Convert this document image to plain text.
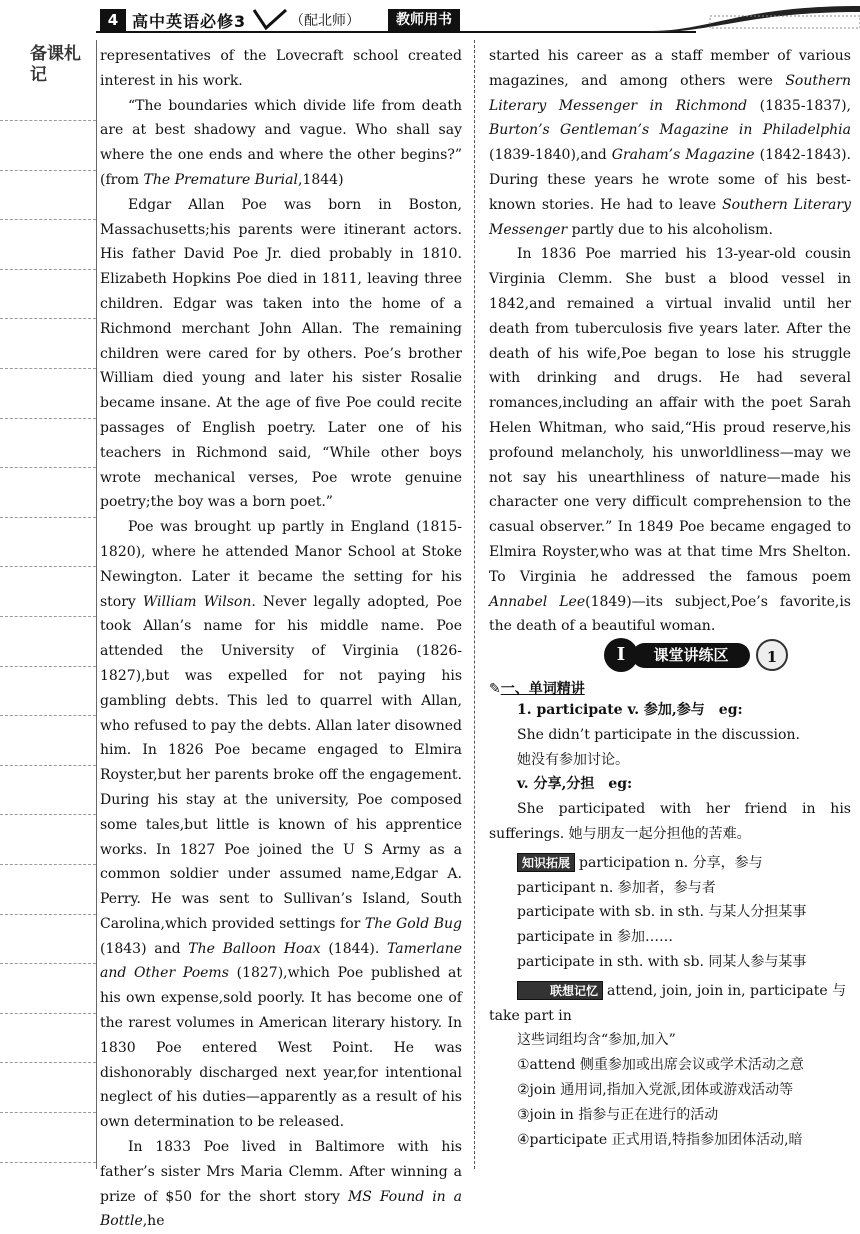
4 高中英语必修3	（配北师）	教师用书
备课札记

representatives of the Lovecraft school created interest in his work.

“The boundaries which divide life from death are at best shadowy and vague. Who shall say where the one ends and where the other begins?” (from The Premature Burial,1844)

Edgar Allan Poe was born in Boston, Massachusetts;his parents were itinerant actors. His father David Poe Jr. died probably in 1810. Elizabeth Hopkins Poe died in 1811, leaving three children. Edgar was taken into the home of a Richmond merchant John Allan. The remaining children were cared for by others. Poe’s brother William died young and later his sister Rosalie became insane. At the age of five Poe could recite passages of English poetry. Later one of his teachers in Richmond said, “While other boys wrote mechanical verses, Poe wrote genuine poetry;the boy was a born poet.”

Poe was brought up partly in England (1815-1820), where he attended Manor School at Stoke Newington. Later it became the setting for his story William Wilson. Never legally adopted, Poe took Allan’s name for his middle name. Poe attended the University of Virginia (1826-1827),but was expelled for not paying his gambling debts. This led to quarrel with Allan, who refused to pay the debts. Allan later disowned him. In 1826 Poe became engaged to Elmira Royster,but her parents broke off the engagement. During his stay at the university, Poe composed some tales,but little is known of his apprentice works. In 1827 Poe joined the U S Army as a common soldier under assumed name,Edgar A. Perry. He was sent to Sullivan’s Island, South Carolina,which provided settings for The Gold Bug (1843) and The Balloon Hoax (1844). Tamerlane and Other Poems (1827),which Poe published at his own expense,sold poorly. It has become one of the rarest volumes in American literary history. In 1830 Poe entered West Point. He was dishonorably discharged next year,for intentional neglect of his duties—apparently as a result of his own determination to be released.

In 1833 Poe lived in Baltimore with his father’s sister Mrs Maria Clemm. After winning a prize of $50 for the short story MS Found in a Bottle,he

started his career as a staff member of various magazines, and among others were Southern Literary Messenger in Richmond (1835-1837), Burton’s Gentleman’s Magazine in Philadelphia (1839-1840),and Graham’s Magazine (1842-1843). During these years he wrote some of his best-known stories. He had to leave Southern Literary Messenger partly due to his alcoholism.

In 1836 Poe married his 13-year-old cousin Virginia Clemm. She bust a blood vessel in 1842,and remained a virtual invalid until her death from tuberculosis five years later. After the death of his wife,Poe began to lose his struggle with drinking and drugs. He had several romances,including an affair with the poet Sarah Helen Whitman, who said,“His proud reserve,his profound melancholy, his unworldliness—may we not say his unearthliness of nature—made his character one very difficult comprehension to the casual observer.” In 1849 Poe became engaged to Elmira Royster,who was at that time Mrs Shelton. To Virginia he addressed the famous poem Annabel Lee(1849)—its subject,Poe’s favorite,is the death of a beautiful woman.

课堂讲练区
I	1
✎一、单词精讲
1. participate v. 参加,参与　eg:
She didn’t participate in the discussion.
她没有参加讨论。
v. 分享,分担　eg:
She participated with her friend in his sufferings. 她与朋友一起分担他的苦难。
知识拓展 participation n. 分享，参与
participant n. 参加者，参与者
participate with sb. in sth. 与某人分担某事
participate in 参加……
participate in sth. with sb. 同某人参与某事
联想记忆 attend, join, join in, participate 与 take part in
这些词组均含“参加,加入”
①attend 侧重参加或出席会议或学术活动之意
②join 通用词,指加入党派,团体或游戏活动等
③join in 指参与正在进行的活动
④participate 正式用语,特指参加团体活动,暗
